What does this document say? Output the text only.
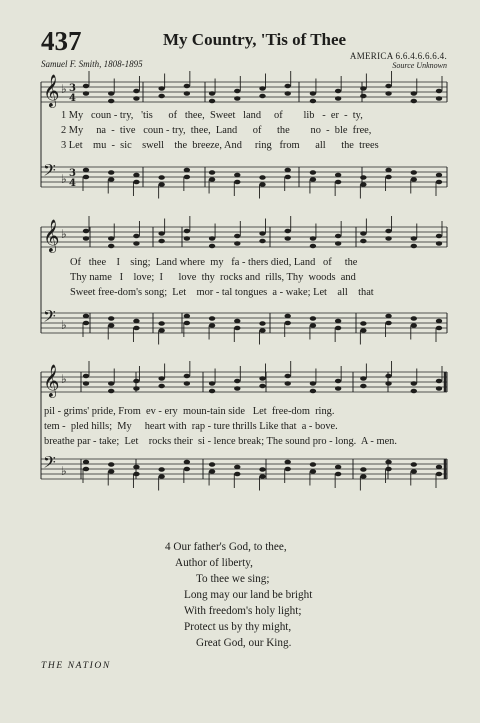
437	My Country, 'Tis of Thee
Samuel F. Smith, 1808-1895
AMERICA 6.6.4.6.6.6.4.
Source Unknown
𝄞 ♭ 3
4
𝄢 ♭ 3
4
𝄞 ♭
𝄢 ♭
𝄞 ♭
𝄢 ♭
1 My   coun - try,   'tis      of   thee,  Sweet   land     of        lib   -  er  -  ty,
2 My     na  -  tive   coun - try,  thee,  Land      of      the        no  -  ble  free,
3 Let    mu  -  sic    swell    the  breeze, And     ring   from      all      the  trees
Of   thee    I    sing;  Land where  my   fa - thers died, Land   of     the
Thy name   I    love;  I      love  thy  rocks and  rills, Thy  woods  and
Sweet free-dom's song;  Let    mor - tal tongues  a - wake; Let    all    that
pil - grims' pride, From  ev - ery  moun-tain side   Let  free-dom  ring.
tem -  pled hills;  My     heart with  rap - ture thrills Like that  a - bove.
breathe par - take;  Let    rocks their  si - lence break; The sound pro - long.  A - men.
4 Our father's God, to thee,
Author of liberty,
To thee we sing;
Long may our land be bright
With freedom's holy light;
Protect us by thy might,
Great God, our King.
THE NATION
